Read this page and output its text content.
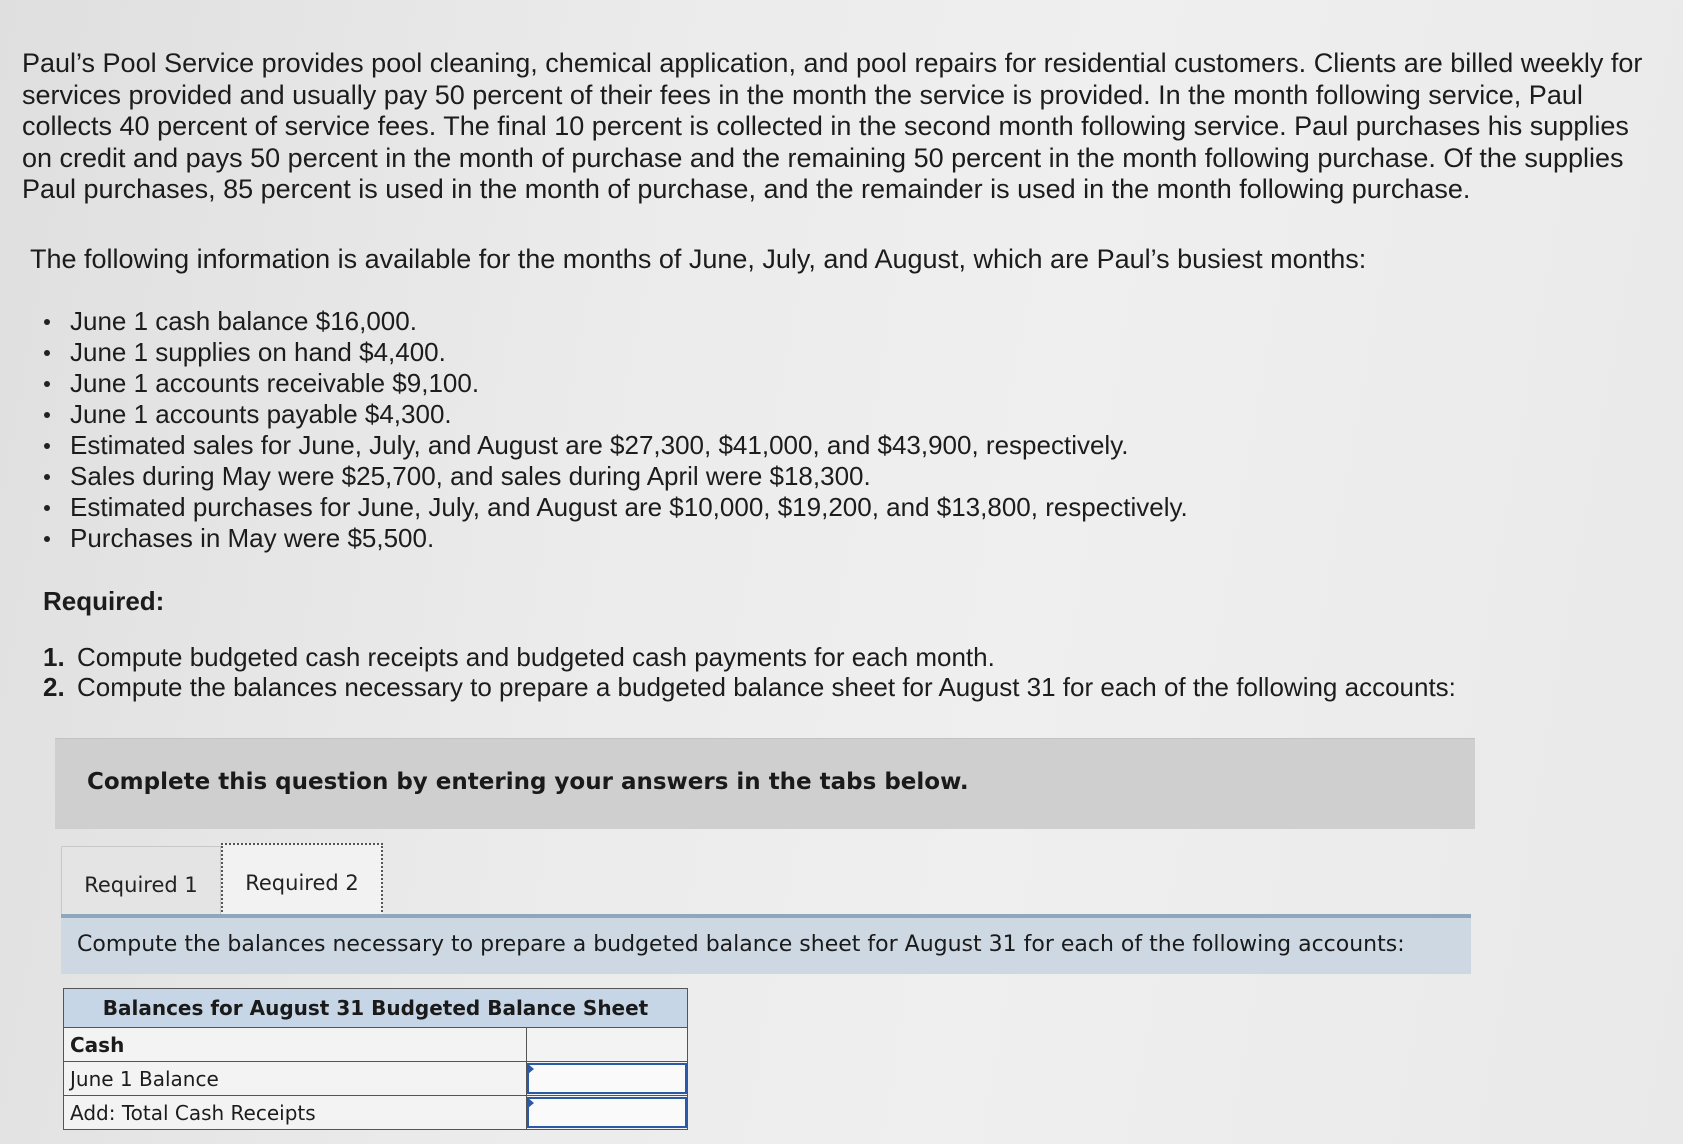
Paul’s Pool Service provides pool cleaning, chemical application, and pool repairs for residential customers. Clients are billed weekly for services provided and usually pay 50 percent of their fees in the month the service is provided. In the month following service, Paul collects 40 percent of service fees. The final 10 percent is collected in the second month following service. Paul purchases his supplies on credit and pays 50 percent in the month of purchase and the remaining 50 percent in the month following purchase. Of the supplies Paul purchases, 85 percent is used in the month of purchase, and the remainder is used in the month following purchase.

The following information is available for the months of June, July, and August, which are Paul’s busiest months:

June 1 cash balance $16,000.
June 1 supplies on hand $4,400.
June 1 accounts receivable $9,100.
June 1 accounts payable $4,300.
Estimated sales for June, July, and August are $27,300, $41,000, and $43,900, respectively.
Sales during May were $25,700, and sales during April were $18,300.
Estimated purchases for June, July, and August are $10,000, $19,200, and $13,800, respectively.
Purchases in May were $5,500.

Required:

1. Compute budgeted cash receipts and budgeted cash payments for each month.
2. Compute the balances necessary to prepare a budgeted balance sheet for August 31 for each of the following accounts:
Complete this question by entering your answers in the tabs below.
Required 1	Required 2
Compute the balances necessary to prepare a budgeted balance sheet for August 31 for each of the following accounts:
Balances for August 31 Budgeted Balance Sheet	
Cash	
June 1 Balance	

Add: Total Cash Receipts	
